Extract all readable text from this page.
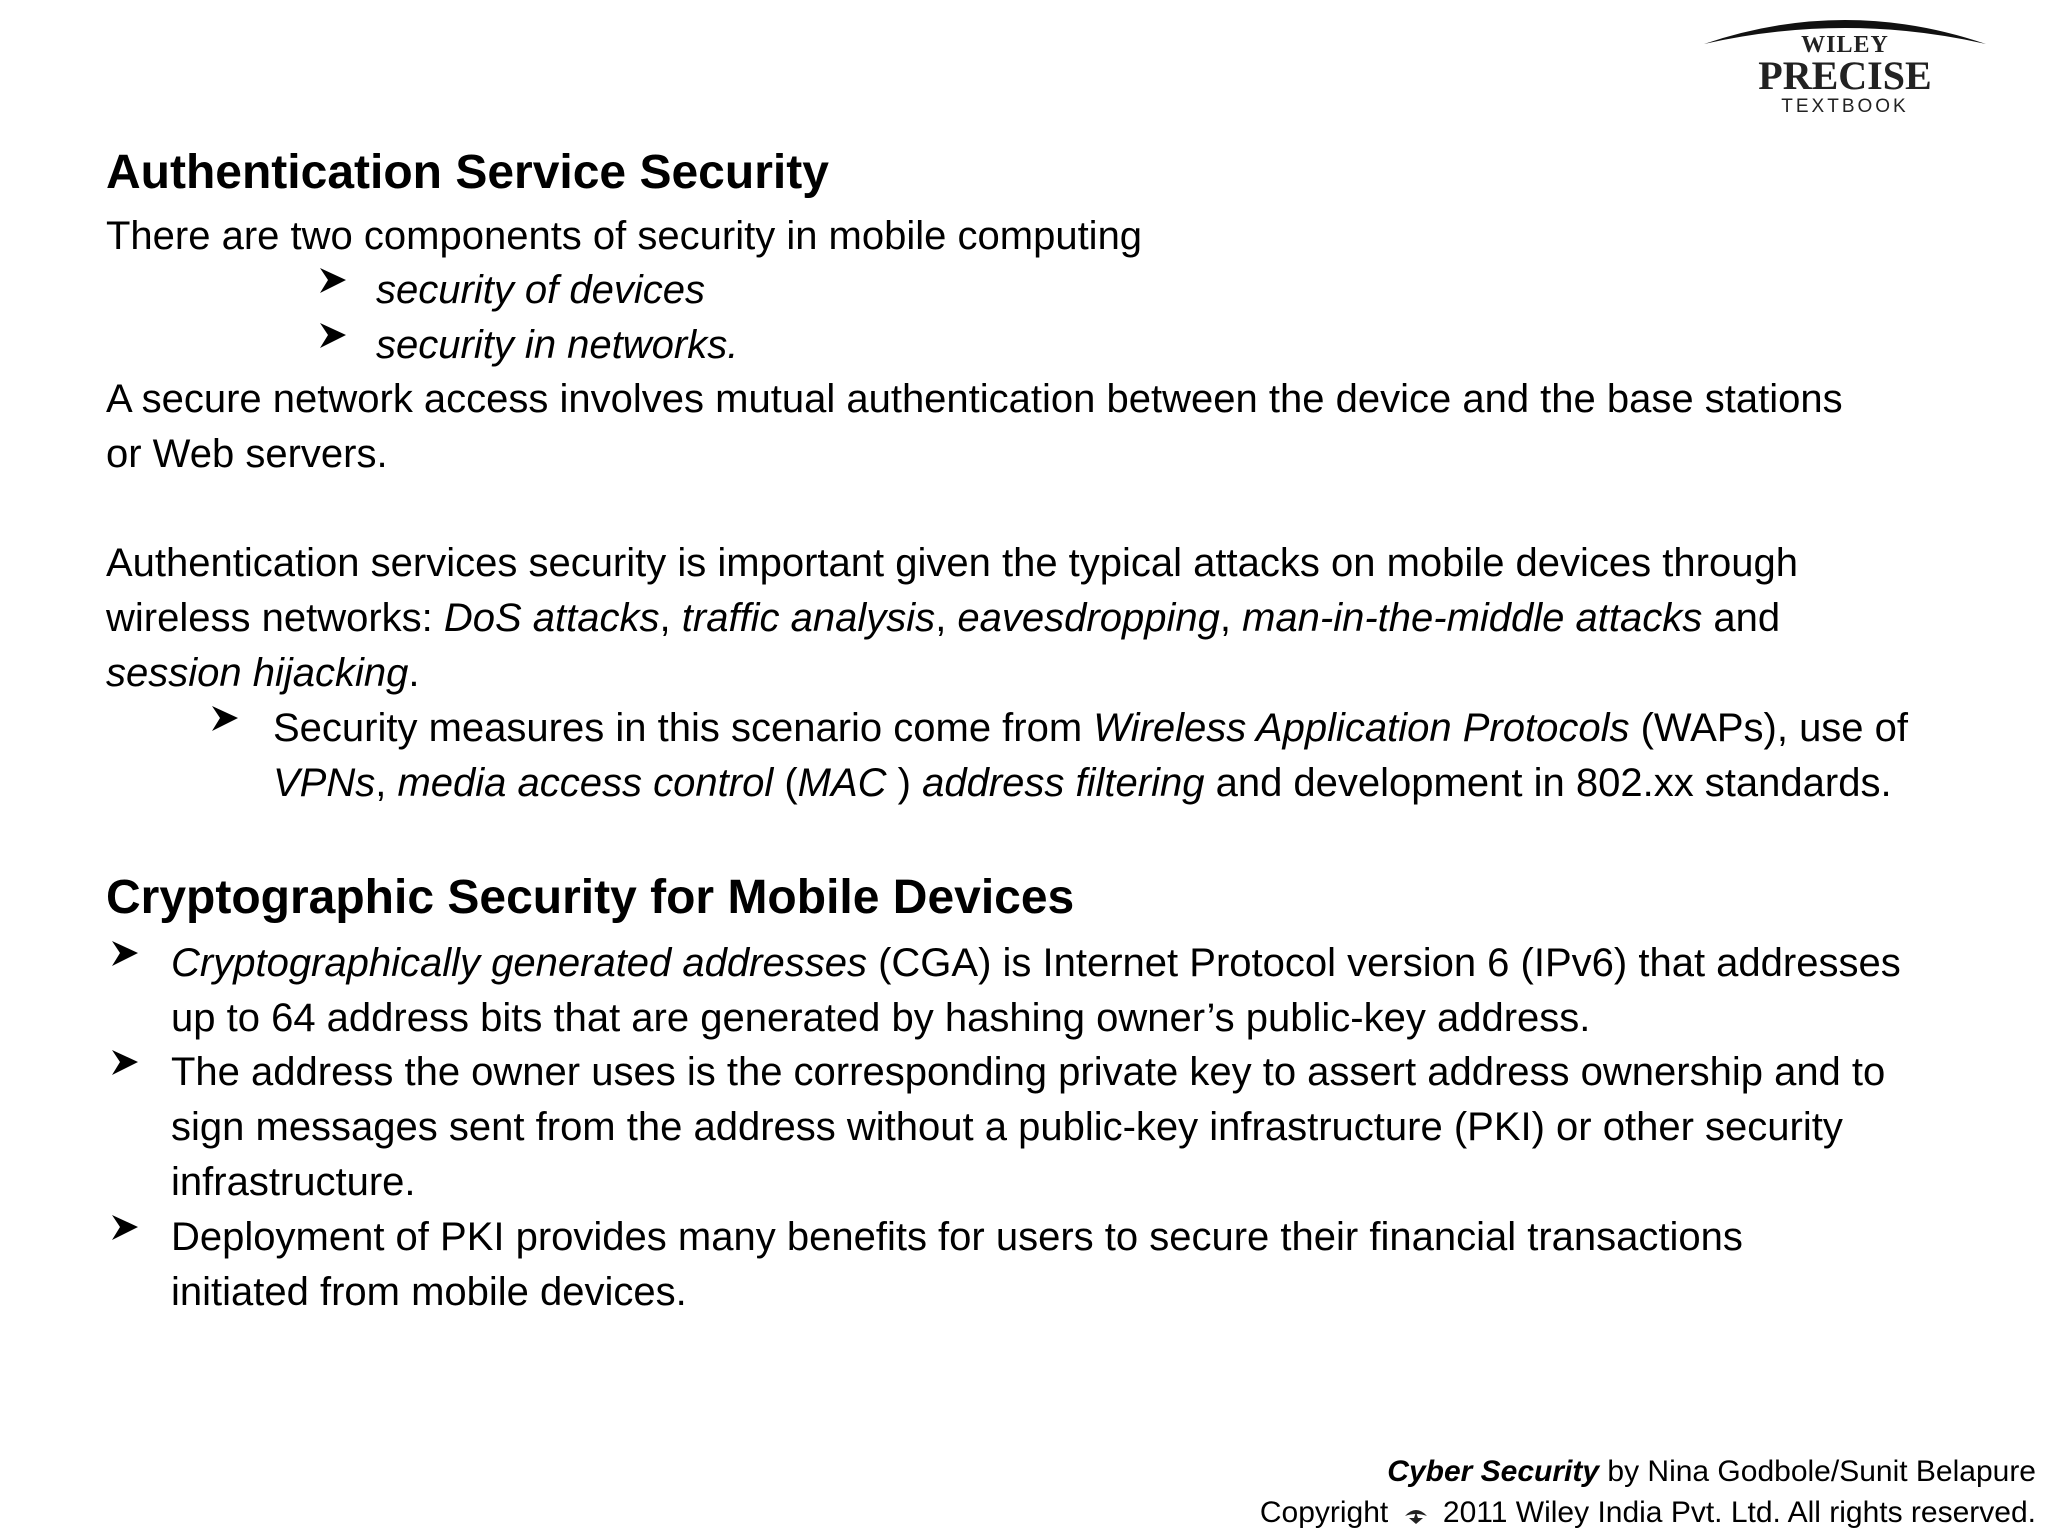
WILEY
PRECISE
TEXTBOOK
Authentication Service Security
There are two components of security in mobile computing
security of devices
security in networks.
A secure network access involves mutual authentication between the device and the base stations
or Web servers.
Authentication services security is important given the typical attacks on mobile devices through
wireless networks: DoS attacks, traffic analysis, eavesdropping, man-in-the-middle attacks and
session hijacking.
Security measures in this scenario come from Wireless Application Protocols (WAPs), use of
VPNs, media access control (MAC ) address filtering and development in 802.xx standards.
Cryptographic Security for Mobile Devices
Cryptographically generated addresses (CGA) is Internet Protocol version 6 (IPv6) that addresses
up to 64 address bits that are generated by hashing owner’s public-key address.
The address the owner uses is the corresponding private key to assert address ownership and to
sign messages sent from the address without a public-key infrastructure (PKI) or other security
infrastructure.
Deployment of PKI provides many benefits for users to secure their financial transactions
initiated from mobile devices.
Cyber Security by Nina Godbole/Sunit Belapure
Copyright  2011 Wiley India Pvt. Ltd. All rights reserved.
